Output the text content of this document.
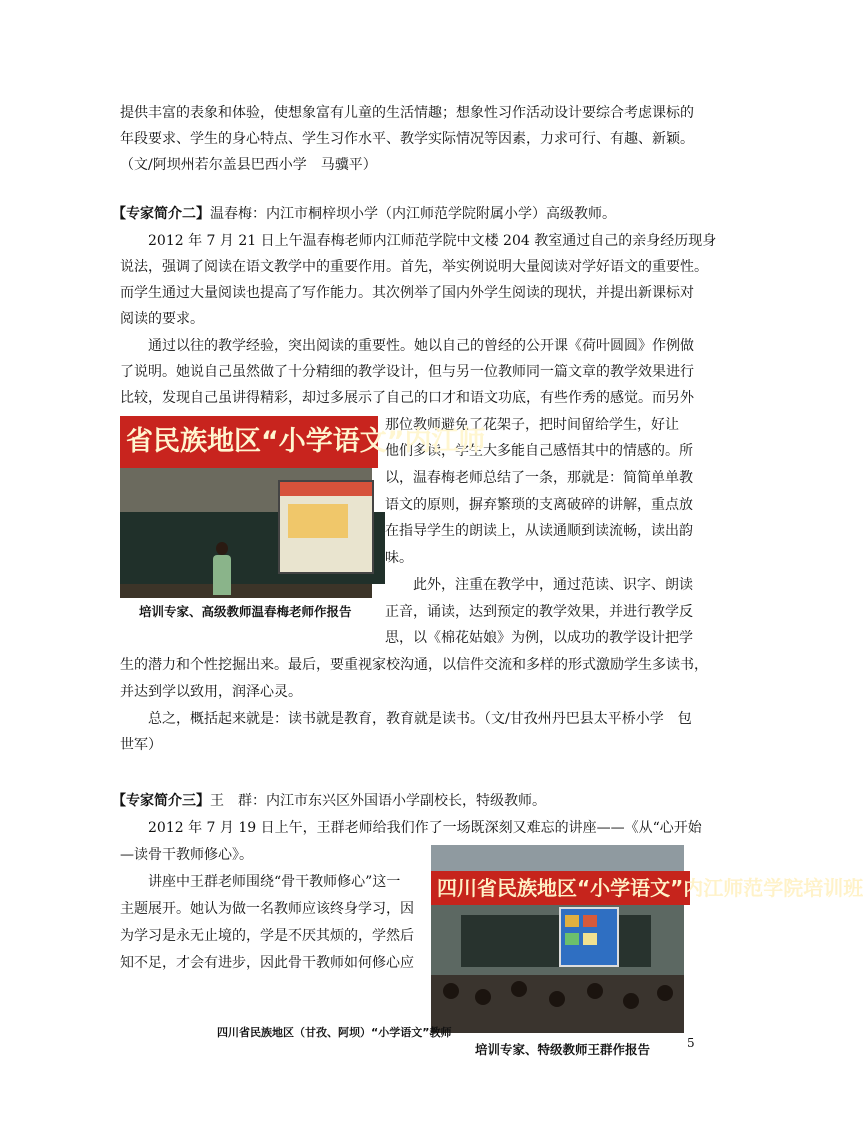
提供丰富的表象和体验，使想象富有儿童的生活情趣；想象性习作活动设计要综合考虑课标的
年段要求、学生的身心特点、学生习作水平、教学实际情况等因素，力求可行、有趣、新颖。
（文/阿坝州若尔盖县巴西小学　马骥平）
【专家简介二】温春梅：内江市桐梓坝小学（内江师范学院附属小学）高级教师。
2012 年 7 月 21 日上午温春梅老师内江师范学院中文楼 204 教室通过自己的亲身经历现身
说法，强调了阅读在语文教学中的重要作用。首先，举实例说明大量阅读对学好语文的重要性。
而学生通过大量阅读也提高了写作能力。其次例举了国内外学生阅读的现状，并提出新课标对
阅读的要求。
通过以往的教学经验，突出阅读的重要性。她以自己的曾经的公开课《荷叶圆圆》作例做
了说明。她说自己虽然做了十分精细的教学设计，但与另一位教师同一篇文章的教学效果进行
比较，发现自己虽讲得精彩，却过多展示了自己的口才和语文功底，有些作秀的感觉。而另外
那位教师避免了花架子，把时间留给学生，好让
他们多读，学生大多能自己感悟其中的情感的。所
以，温春梅老师总结了一条，那就是：简简单单教
语文的原则，摒弃繁琐的支离破碎的讲解，重点放
在指导学生的朗读上，从读通顺到读流畅，读出韵
味。
此外，注重在教学中，通过范读、识字、朗读
正音，诵读，达到预定的教学效果，并进行教学反
思，以《棉花姑娘》为例，以成功的教学设计把学
生的潜力和个性挖掘出来。最后，要重视家校沟通，以信件交流和多样的形式激励学生多读书，
并达到学以致用，润泽心灵。
总之，概括起来就是：读书就是教育，教育就是读书。（文/甘孜州丹巴县太平桥小学　包
世军）
省民族地区“小学语文”内江师
培训专家、高级教师温春梅老师作报告
【专家简介三】王　群：内江市东兴区外国语小学副校长，特级教师。
2012 年 7 月 19 日上午，王群老师给我们作了一场既深刻又难忘的讲座——《从“心开始
—读骨干教师修心》。
讲座中王群老师围绕“骨干教师修心”这一
主题展开。她认为做一名教师应该终身学习，因
为学习是永无止境的，学是不厌其烦的，学然后
知不足，才会有进步，因此骨干教师如何修心应
四川省民族地区“小学语文”内江师范学院培训班
培训专家、特级教师王群作报告
四川省民族地区（甘孜、阿坝）“小学语文”教师
5
